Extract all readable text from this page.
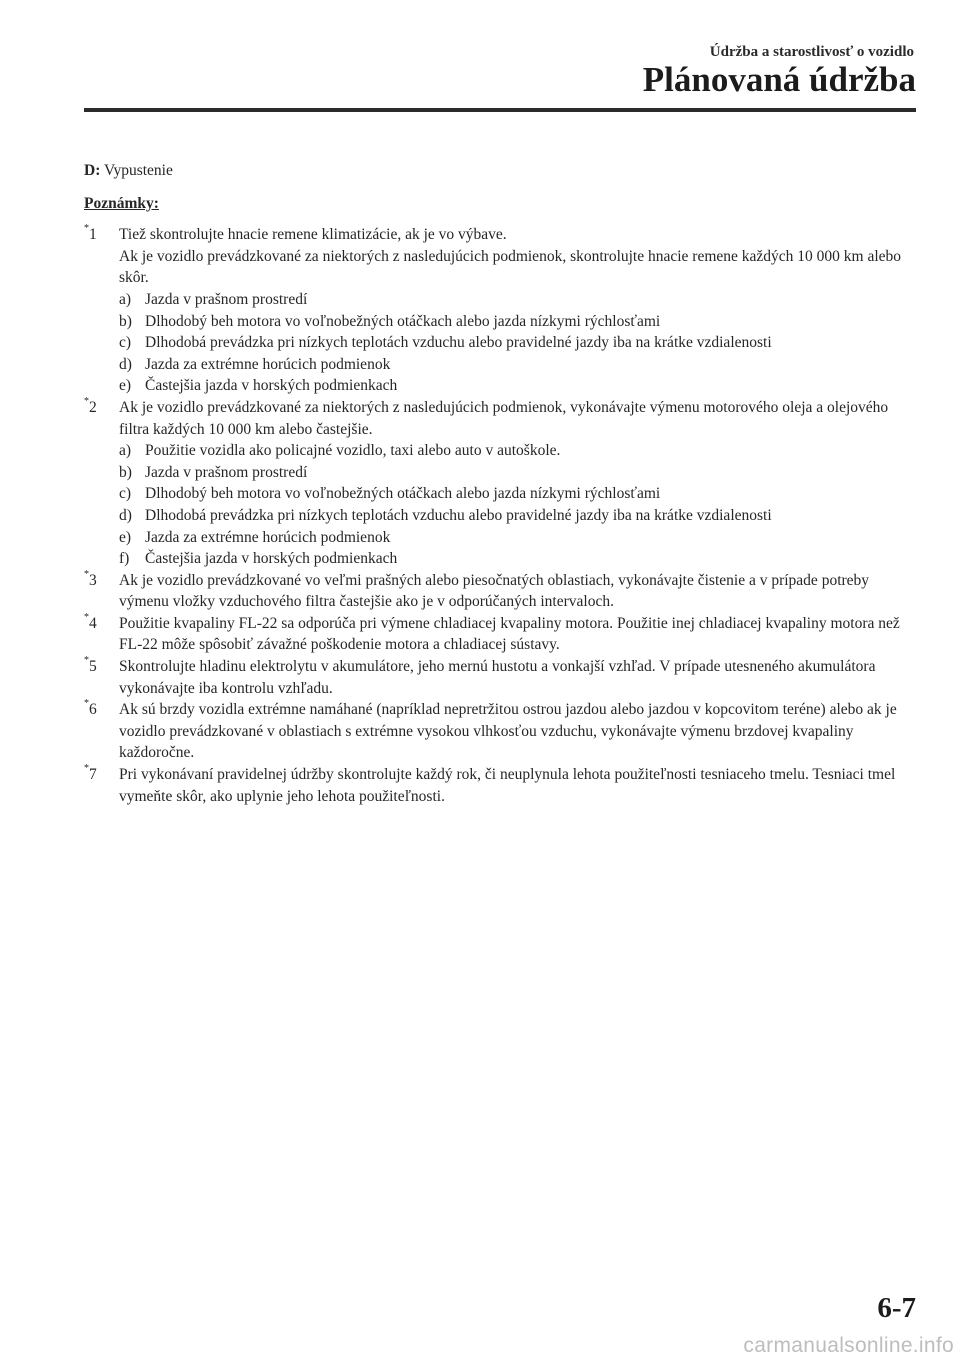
Údržba a starostlivosť o vozidlo
Plánovaná údržba

D: Vypustenie

Poznámky:
*1 Tiež skontrolujte hnacie remene klimatizácie, ak je vo výbave.
Ak je vozidlo prevádzkované za niektorých z nasledujúcich podmienok, skontrolujte hnacie remene každých 10 000 km alebo skôr.
a) Jazda v prašnom prostredí
b) Dlhodobý beh motora vo voľnobežných otáčkach alebo jazda nízkymi rýchlosťami
c) Dlhodobá prevádzka pri nízkych teplotách vzduchu alebo pravidelné jazdy iba na krátke vzdialenosti
d) Jazda za extrémne horúcich podmienok
e) Častejšia jazda v horských podmienkach
*2 Ak je vozidlo prevádzkované za niektorých z nasledujúcich podmienok, vykonávajte výmenu motorového oleja a olejového filtra každých 10 000 km alebo častejšie.
a) Použitie vozidla ako policajné vozidlo, taxi alebo auto v autoškole.
b) Jazda v prašnom prostredí
c) Dlhodobý beh motora vo voľnobežných otáčkach alebo jazda nízkymi rýchlosťami
d) Dlhodobá prevádzka pri nízkych teplotách vzduchu alebo pravidelné jazdy iba na krátke vzdialenosti
e) Jazda za extrémne horúcich podmienok
f) Častejšia jazda v horských podmienkach
*3 Ak je vozidlo prevádzkované vo veľmi prašných alebo piesočnatých oblastiach, vykonávajte čistenie a v prípade potreby výmenu vložky vzduchového filtra častejšie ako je v odporúčaných intervaloch.
*4 Použitie kvapaliny FL-22 sa odporúča pri výmene chladiacej kvapaliny motora. Použitie inej chladiacej kvapaliny motora než FL-22 môže spôsobiť závažné poškodenie motora a chladiacej sústavy.
*5 Skontrolujte hladinu elektrolytu v akumulátore, jeho mernú hustotu a vonkajší vzhľad. V prípade utesneného akumulátora vykonávajte iba kontrolu vzhľadu.
*6 Ak sú brzdy vozidla extrémne namáhané (napríklad nepretržitou ostrou jazdou alebo jazdou v kopcovitom teréne) alebo ak je vozidlo prevádzkované v oblastiach s extrémne vysokou vlhkosťou vzduchu, vykonávajte výmenu brzdovej kvapaliny každoročne.
*7 Pri vykonávaní pravidelnej údržby skontrolujte každý rok, či neuplynula lehota použiteľnosti tesniaceho tmelu. Tesniaci tmel vymeňte skôr, ako uplynie jeho lehota použiteľnosti.
6-7
carmanualsonline.info
